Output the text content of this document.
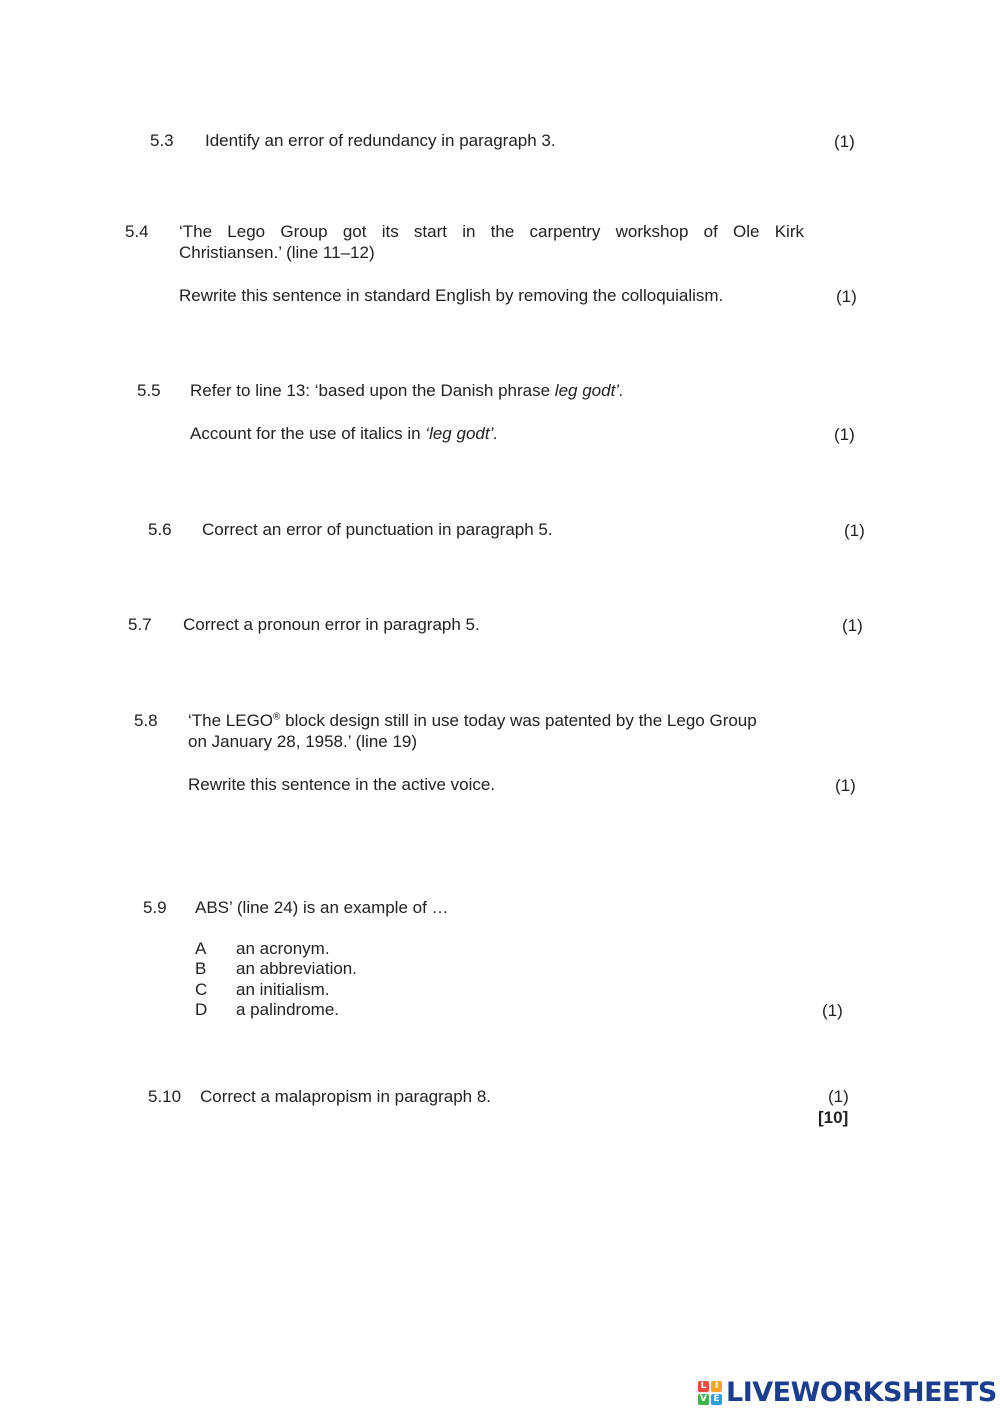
5.3 Identify an error of redundancy in paragraph 3.	(1)
5.4 ‘The Lego Group got its start in the carpentry workshop of Ole Kirk
Christiansen.’ (line 11–12)
Rewrite this sentence in standard English by removing the colloquialism.	(1)
5.5 Refer to line 13: ‘based upon the Danish phrase leg godt’.
Account for the use of italics in ‘leg godt’.	(1)
5.6 Correct an error of punctuation in paragraph 5.	(1)
5.7 Correct a pronoun error in paragraph 5.	(1)
5.8 ‘The LEGO® block design still in use today was patented by the Lego Group
on January 28, 1958.’ (line 19)
Rewrite this sentence in the active voice.	(1)
5.9 ABS’ (line 24) is an example of …
A an acronym.
B an abbreviation.
C an initialism.
D a palindrome.	(1)
5.10 Correct a malapropism in paragraph 8.	(1)
[10]
L I
V E LIVEWORKSHEETS
